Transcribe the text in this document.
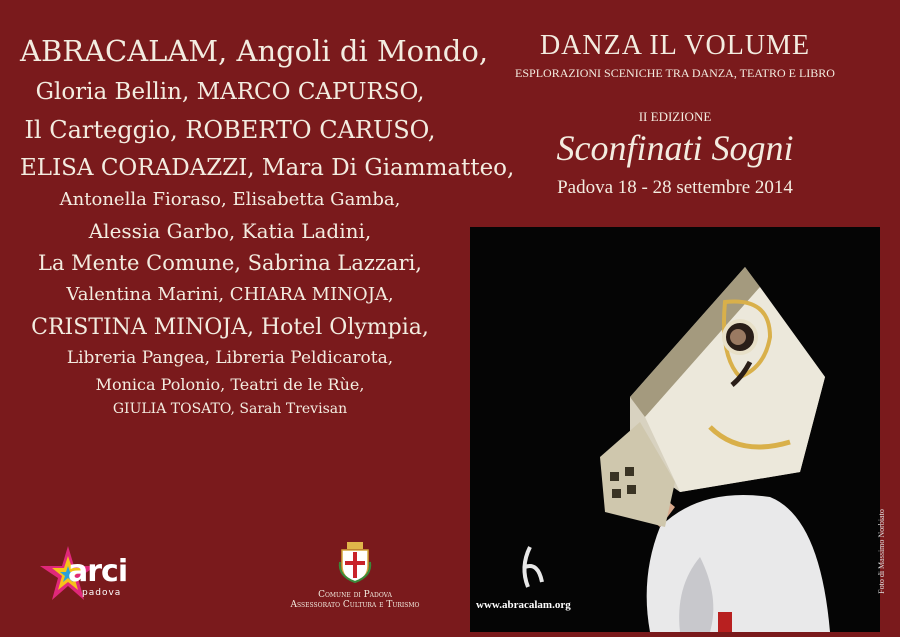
ABRACALAM, Angoli di Mondo,
Gloria Bellin, MARCO CAPURSO,
Il Carteggio, ROBERTO CARUSO,
ELISA CORADAZZI, Mara Di Giammatteo,
Antonella Fioraso, Elisabetta Gamba,
Alessia Garbo, Katia Ladini,
La Mente Comune, Sabrina Lazzari,
Valentina Marini, CHIARA MINOJA,
CRISTINA MINOJA, Hotel Olympia,
Libreria Pangea, Libreria Peldicarota,
Monica Polonio, Teatri de le Rùe,
GIULIA TOSATO, Sarah Trevisan
arci
padova	Comune di Padova
Assessorato Cultura e Turismo
DANZA IL VOLUME
ESPLORAZIONI SCENICHE TRA DANZA, TEATRO E LIBRO
II EDIZIONE
Sconfinati Sogni
Padova 18 - 28 settembre 2014
www.abracalam.org
Foto di Massimo Norbiato
